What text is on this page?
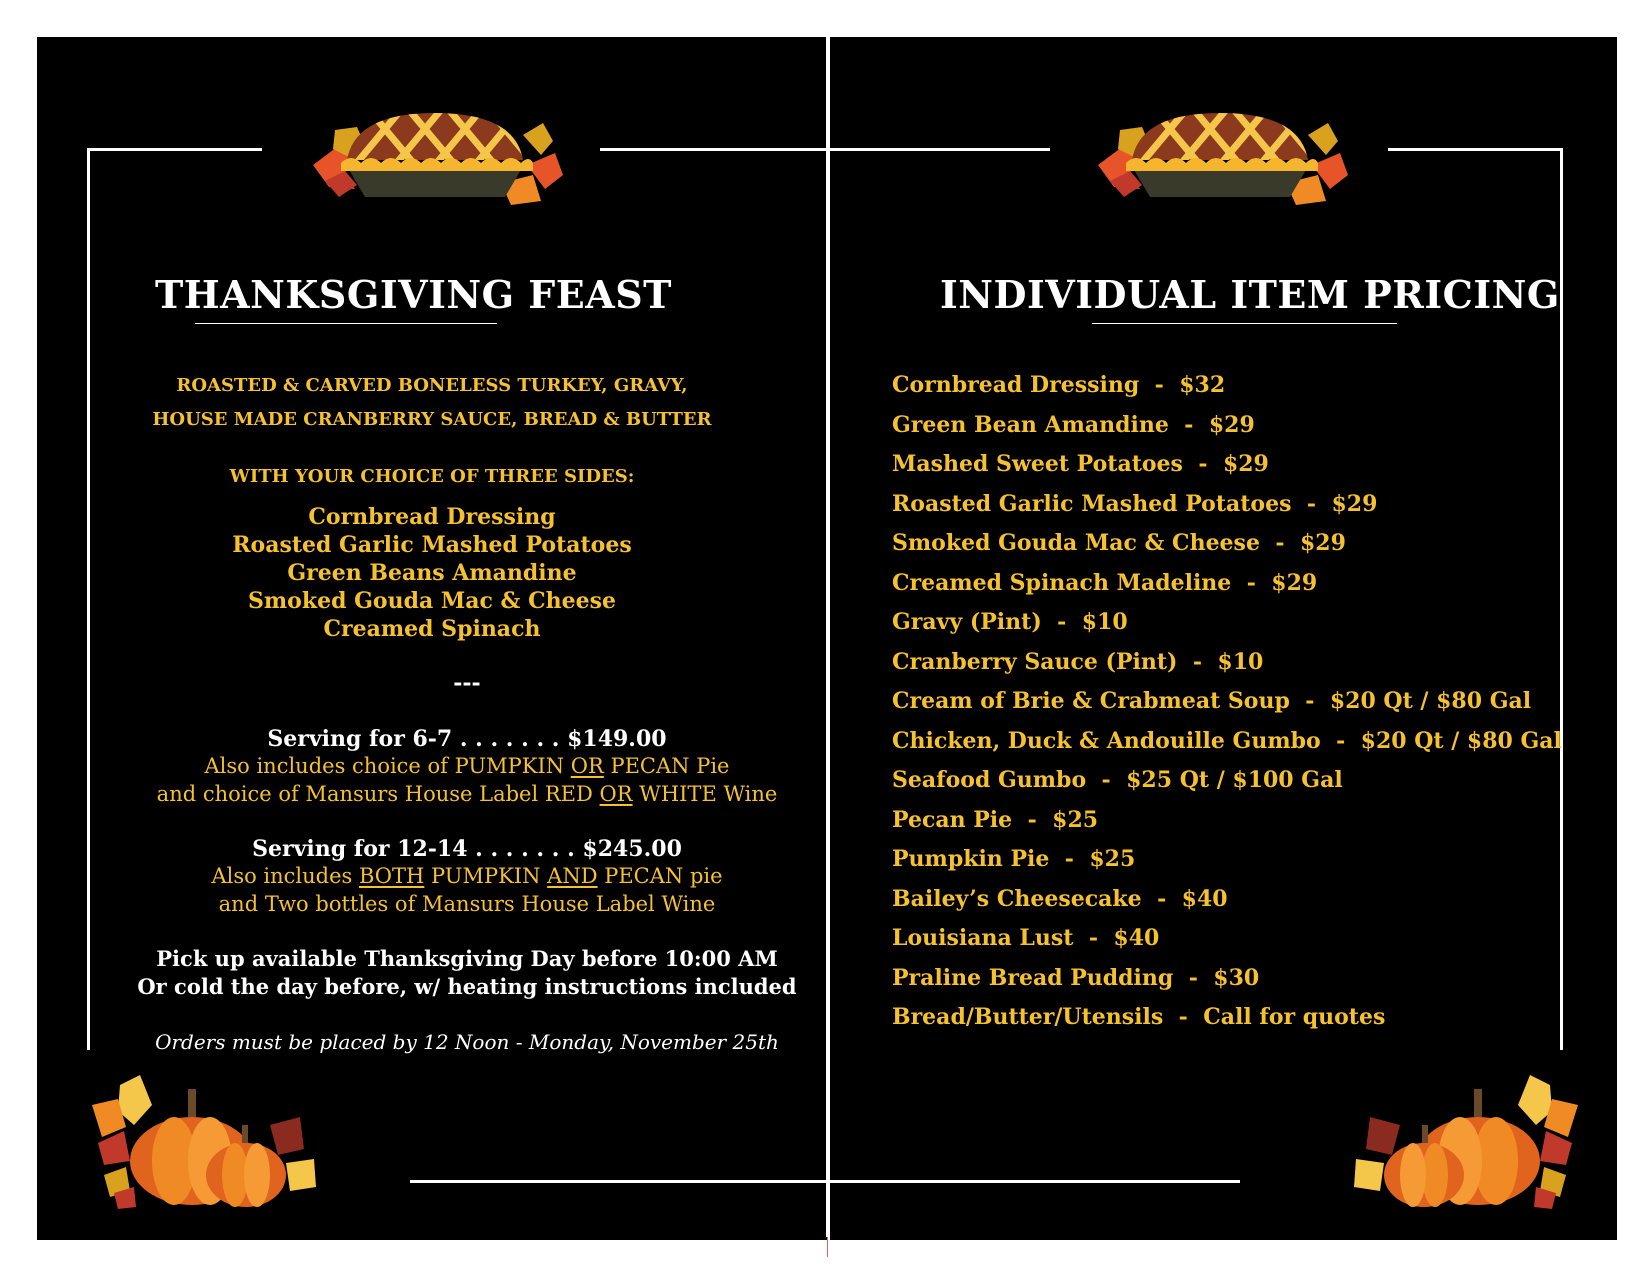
THANKSGIVING FEAST
ROASTED & CARVED BONELESS TURKEY, GRAVY,
HOUSE MADE CRANBERRY SAUCE, BREAD & BUTTER
WITH YOUR CHOICE OF THREE SIDES:
Cornbread Dressing
Roasted Garlic Mashed Potatoes
Green Beans Amandine
Smoked Gouda Mac & Cheese
Creamed Spinach
---
Serving for 6-7 . . . . . . . $149.00
Also includes choice of PUMPKIN OR PECAN Pie
and choice of Mansurs House Label RED OR WHITE Wine
Serving for 12-14 . . . . . . . $245.00
Also includes BOTH PUMPKIN AND PECAN pie
and Two bottles of Mansurs House Label Wine
Pick up available Thanksgiving Day before 10:00 AM
Or cold the day before, w/ heating instructions included
Orders must be placed by 12 Noon - Monday, November 25th
INDIVIDUAL ITEM PRICING
Cornbread Dressing - $32
Green Bean Amandine - $29
Mashed Sweet Potatoes - $29
Roasted Garlic Mashed Potatoes - $29
Smoked Gouda Mac & Cheese - $29
Creamed Spinach Madeline - $29
Gravy (Pint) - $10
Cranberry Sauce (Pint) - $10
Cream of Brie & Crabmeat Soup - $20 Qt / $80 Gal
Chicken, Duck & Andouille Gumbo - $20 Qt / $80 Gal
Seafood Gumbo - $25 Qt / $100 Gal
Pecan Pie - $25
Pumpkin Pie - $25
Bailey’s Cheesecake - $40
Louisiana Lust - $40
Praline Bread Pudding - $30
Bread/Butter/Utensils - Call for quotes
